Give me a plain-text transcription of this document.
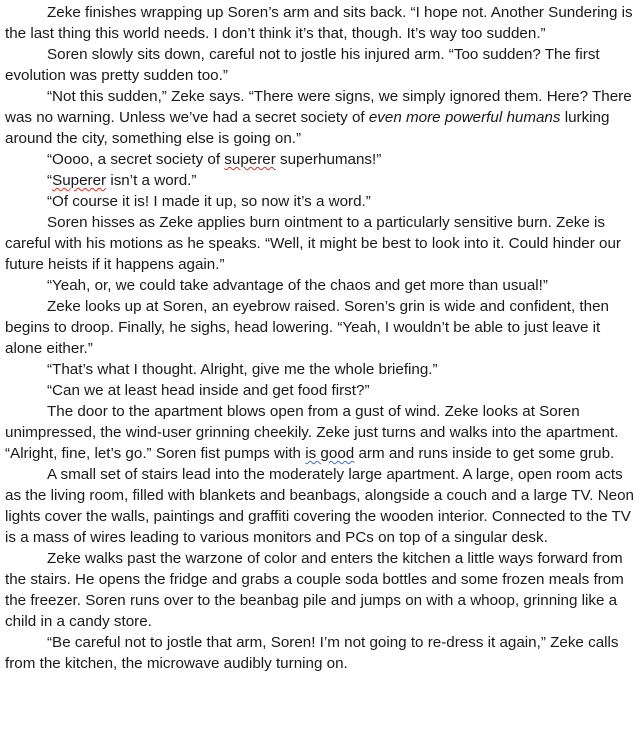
Zeke finishes wrapping up Soren’s arm and sits back. “I hope not. Another Sundering is the last thing this world needs. I don’t think it’s that, though. It’s way too sudden.”

Soren slowly sits down, careful not to jostle his injured arm. “Too sudden? The first evolution was pretty sudden too.”

“Not this sudden,” Zeke says. “There were signs, we simply ignored them. Here? There was no warning. Unless we’ve had a secret society of even more powerful humans lurking around the city, something else is going on.”

“Oooo, a secret society of superer superhumans!”

“Superer isn’t a word.”

“Of course it is! I made it up, so now it’s a word.”

Soren hisses as Zeke applies burn ointment to a particularly sensitive burn. Zeke is careful with his motions as he speaks. “Well, it might be best to look into it. Could hinder our future heists if it happens again.”

“Yeah, or, we could take advantage of the chaos and get more than usual!”

Zeke looks up at Soren, an eyebrow raised. Soren’s grin is wide and confident, then begins to droop. Finally, he sighs, head lowering. “Yeah, I wouldn’t be able to just leave it alone either.”

“That’s what I thought. Alright, give me the whole briefing.”

“Can we at least head inside and get food first?”

The door to the apartment blows open from a gust of wind. Zeke looks at Soren unimpressed, the wind-user grinning cheekily. Zeke just turns and walks into the apartment. “Alright, fine, let’s go.” Soren fist pumps with is good arm and runs inside to get some grub.

A small set of stairs lead into the moderately large apartment. A large, open room acts as the living room, filled with blankets and beanbags, alongside a couch and a large TV. Neon lights cover the walls, paintings and graffiti covering the wooden interior. Connected to the TV is a mass of wires leading to various monitors and PCs on top of a singular desk.

Zeke walks past the warzone of color and enters the kitchen a little ways forward from the stairs. He opens the fridge and grabs a couple soda bottles and some frozen meals from the freezer. Soren runs over to the beanbag pile and jumps on with a whoop, grinning like a child in a candy store.

“Be careful not to jostle that arm, Soren! I’m not going to re-dress it again,” Zeke calls from the kitchen, the microwave audibly turning on.
